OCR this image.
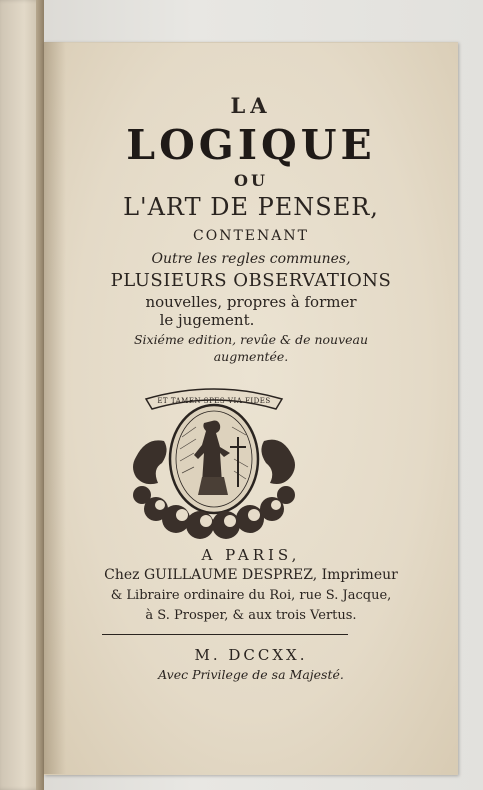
LA
LOGIQUE
OU
L'ART DE PENSER,
CONTENANT
Outre les regles communes,
PLUSIEURS OBSERVATIONS
nouvelles, propres à former
le jugement.
Sixiéme edition, revûe & de nouveau
augmentée.
ET TAMEN SPES VIA FIDES
A PARIS,
Chez GUILLAUME DESPREZ, Imprimeur
& Libraire ordinaire du Roi, rue S. Jacque,
à S. Prosper, & aux trois Vertus.
M. DCCXX.
Avec Privilege de sa Majesté.
